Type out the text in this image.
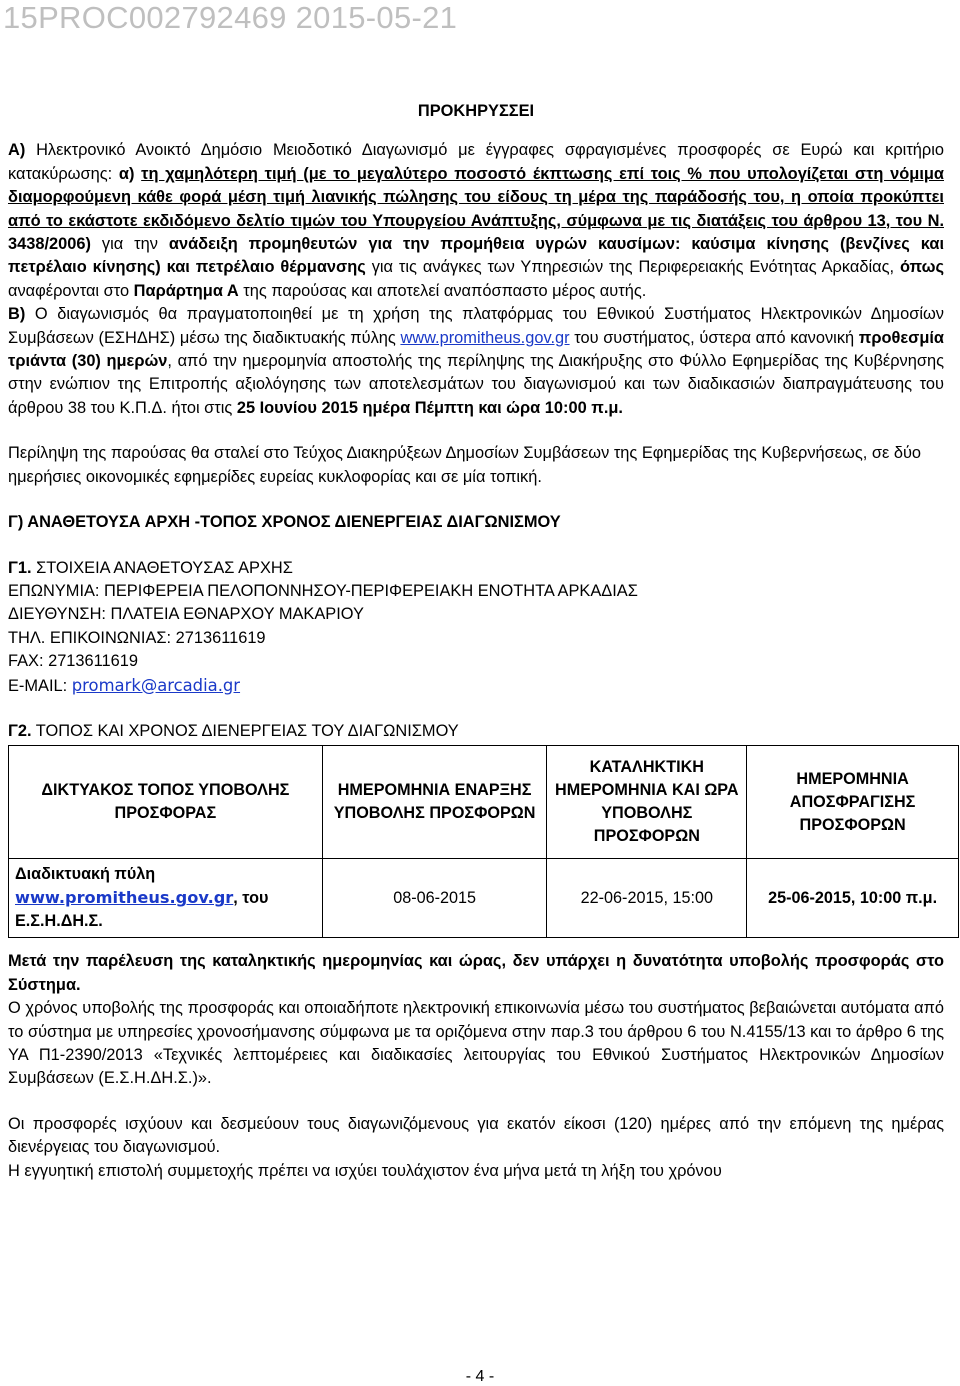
15PROC002792469 2015-05-21

ΠΡΟΚΗΡΥΣΣΕΙ

Α) Ηλεκτρονικό Ανοικτό Δημόσιο Μειοδοτικό Διαγωνισμό με έγγραφες σφραγισμένες προσφορές σε Ευρώ και κριτήριο κατακύρωσης: α) τη χαμηλότερη τιμή (με το μεγαλύτερο ποσοστό έκπτωσης επί τοις % που υπολογίζεται στη νόμιμα διαμορφούμενη κάθε φορά μέση τιμή λιανικής πώλησης του είδους τη μέρα της παράδοσής του, η οποία προκύπτει από το εκάστοτε εκδιδόμενο δελτίο τιμών του Υπουργείου Ανάπτυξης, σύμφωνα με τις διατάξεις του άρθρου 13, του Ν. 3438/2006) για την ανάδειξη προμηθευτών για την προμήθεια υγρών καυσίμων: καύσιμα κίνησης (βενζίνες και πετρέλαιο κίνησης) και πετρέλαιο θέρμανσης για τις ανάγκες των Υπηρεσιών της Περιφερειακής Ενότητας Αρκαδίας, όπως αναφέρονται στο Παράρτημα Α της παρούσας και αποτελεί αναπόσπαστο μέρος αυτής.

Β) Ο διαγωνισμός θα πραγματοποιηθεί με τη χρήση της πλατφόρμας του Εθνικού Συστήματος Ηλεκτρονικών Δημοσίων Συμβάσεων (ΕΣΗΔΗΣ) μέσω της διαδικτυακής πύλης www.promitheus.gov.gr του συστήματος, ύστερα από κανονική προθεσμία τριάντα (30) ημερών, από την ημερομηνία αποστολής της περίληψης της Διακήρυξης στο Φύλλο Εφημερίδας της Κυβέρνησης στην ενώπιον της Επιτροπής αξιολόγησης των αποτελεσμάτων του διαγωνισμού και των διαδικασιών διαπραγμάτευσης του άρθρου 38 του Κ.Π.Δ. ήτοι στις 25 Ιουνίου 2015 ημέρα Πέμπτη και ώρα 10:00 π.μ.

Περίληψη της παρούσας θα σταλεί στο Τεύχος Διακηρύξεων Δημοσίων Συμβάσεων της Εφημερίδας της Κυβερνήσεως, σε δύο ημερήσιες οικονομικές εφημερίδες ευρείας κυκλοφορίας και σε μία τοπική.

Γ) ΑΝΑΘΕΤΟΥΣΑ ΑΡΧΗ -ΤΟΠΟΣ ΧΡΟΝΟΣ ΔΙΕΝΕΡΓΕΙΑΣ ΔΙΑΓΩΝΙΣΜΟΥ

Γ1. ΣΤΟΙΧΕΙΑ ΑΝΑΘΕΤΟΥΣΑΣ ΑΡΧΗΣ

ΕΠΩΝΥΜΙΑ: ΠΕΡΙΦΕΡΕΙΑ ΠΕΛΟΠΟΝΝΗΣΟΥ-ΠΕΡΙΦΕΡΕΙΑΚΗ ΕΝΟΤΗΤΑ ΑΡΚΑΔΙΑΣ

ΔΙΕΥΘΥΝΣΗ: ΠΛΑΤΕΙΑ ΕΘΝΑΡΧΟΥ ΜΑΚΑΡΙΟΥ

ΤΗΛ. ΕΠΙΚΟΙΝΩΝΙΑΣ: 2713611619

FAX: 2713611619

E-MAIL: promark@arcadia.gr

Γ2. ΤΟΠΟΣ ΚΑΙ ΧΡΟΝΟΣ ΔΙΕΝΕΡΓΕΙΑΣ ΤΟΥ ΔΙΑΓΩΝΙΣΜΟΥ

ΔΙΚΤΥΑΚΟΣ ΤΟΠΟΣ ΥΠΟΒΟΛΗΣ ΠΡΟΣΦΟΡΑΣ	ΗΜΕΡΟΜΗΝΙΑ ΕΝΑΡΞΗΣ ΥΠΟΒΟΛΗΣ ΠΡΟΣΦΟΡΩΝ	ΚΑΤΑΛΗΚΤΙΚΗ ΗΜΕΡΟΜΗΝΙΑ ΚΑΙ ΩΡΑ ΥΠΟΒΟΛΗΣ ΠΡΟΣΦΟΡΩΝ	ΗΜΕΡΟΜΗΝΙΑ ΑΠΟΣΦΡΑΓΙΣΗΣ ΠΡΟΣΦΟΡΩΝ
Διαδικτυακή πύλη www.promitheus.gov.gr, του Ε.Σ.Η.ΔΗ.Σ.	08-06-2015	22-06-2015, 15:00	25-06-2015, 10:00 π.μ.

Μετά την παρέλευση της καταληκτικής ημερομηνίας και ώρας, δεν υπάρχει η δυνατότητα υποβολής προσφοράς στο Σύστημα.

Ο χρόνος υποβολής της προσφοράς και οποιαδήποτε ηλεκτρονική επικοινωνία μέσω του συστήματος βεβαιώνεται αυτόματα από το σύστημα με υπηρεσίες χρονοσήμανσης σύμφωνα με τα οριζόμενα στην παρ.3 του άρθρου 6 του Ν.4155/13 και το άρθρο 6 της ΥΑ Π1-2390/2013 «Τεχνικές λεπτομέρειες και διαδικασίες λειτουργίας του Εθνικού Συστήματος Ηλεκτρονικών Δημοσίων Συμβάσεων (Ε.Σ.Η.ΔΗ.Σ.)».

Οι προσφορές ισχύουν και δεσμεύουν τους διαγωνιζόμενους για εκατόν είκοσι (120) ημέρες από την επόμενη της ημέρας διενέργειας του διαγωνισμού.

Η εγγυητική επιστολή συμμετοχής πρέπει να ισχύει τουλάχιστον ένα μήνα μετά τη λήξη του χρόνου

- 4 -
